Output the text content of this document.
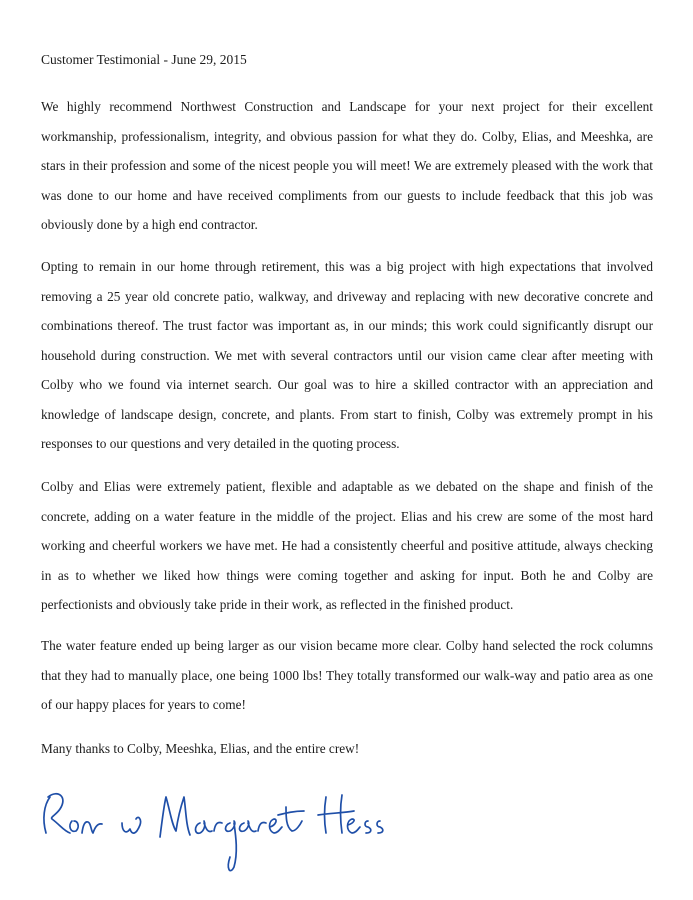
Customer Testimonial - June 29, 2015

We highly recommend Northwest Construction and Landscape for your next project for their excellent workmanship, professionalism, integrity, and obvious passion for what they do. Colby, Elias, and Meeshka, are stars in their profession and some of the nicest people you will meet! We are extremely pleased with the work that was done to our home and have received compliments from our guests to include feedback that this job was obviously done by a high end contractor.

Opting to remain in our home through retirement, this was a big project with high expectations that involved removing a 25 year old concrete patio, walkway, and driveway and replacing with new decorative concrete and combinations thereof. The trust factor was important as, in our minds; this work could significantly disrupt our household during construction. We met with several contractors until our vision came clear after meeting with Colby who we found via internet search. Our goal was to hire a skilled contractor with an appreciation and knowledge of landscape design, concrete, and plants. From start to finish, Colby was extremely prompt in his responses to our questions and very detailed in the quoting process.

Colby and Elias were extremely patient, flexible and adaptable as we debated on the shape and finish of the concrete, adding on a water feature in the middle of the project. Elias and his crew are some of the most hard working and cheerful workers we have met. He had a consistently cheerful and positive attitude, always checking in as to whether we liked how things were coming together and asking for input. Both he and Colby are perfectionists and obviously take pride in their work, as reflected in the finished product.

The water feature ended up being larger as our vision became more clear. Colby hand selected the rock columns that they had to manually place, one being 1000 lbs! They totally transformed our walk-way and patio area as one of our happy places for years to come!

Many thanks to Colby, Meeshka, Elias, and the entire crew!
